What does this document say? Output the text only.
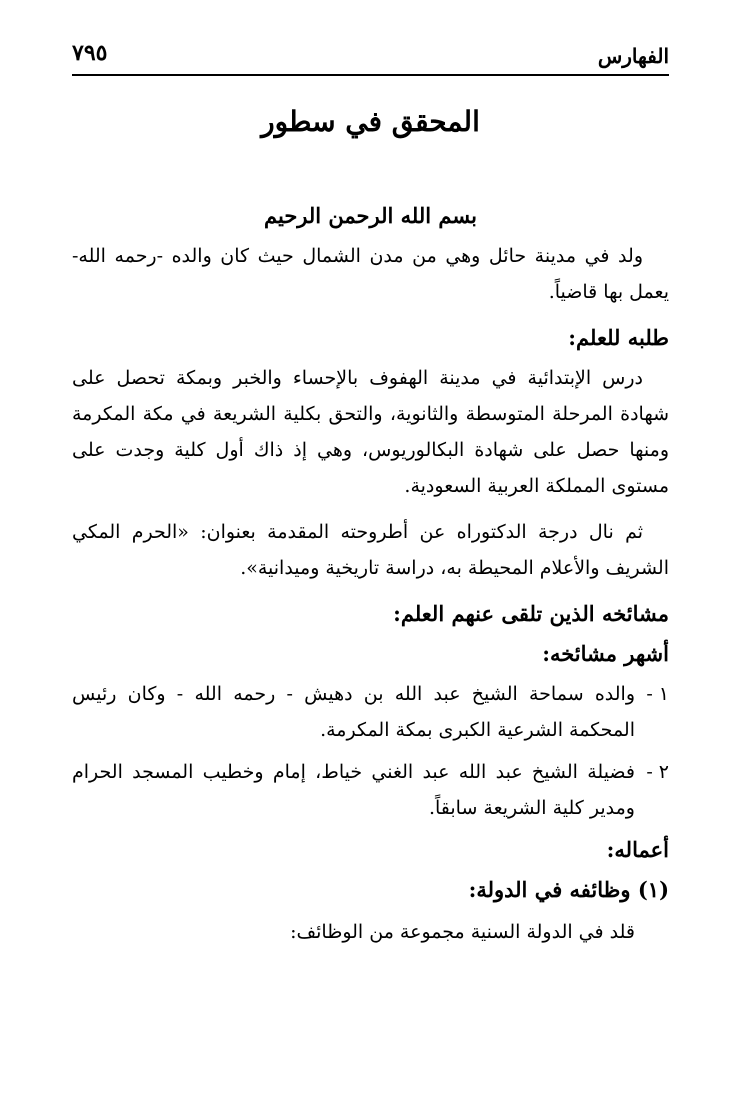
الفهارس
٧٩٥
المحقق في سطور
بسم الله الرحمن الرحيم

ولد في مدينة حائل وهي من مدن الشمال حيث كان والده -رحمه الله- يعمل بها قاضياً.

طلبه للعلم:

درس الإبتدائية في مدينة الهفوف بالإحساء والخبر وبمكة تحصل على شهادة المرحلة المتوسطة والثانوية، والتحق بكلية الشريعة في مكة المكرمة ومنها حصل على شهادة البكالوريوس، وهي إذ ذاك أول كلية وجدت على مستوى المملكة العربية السعودية.

ثم نال درجة الدكتوراه عن أطروحته المقدمة بعنوان: «الحرم المكي الشريف والأعلام المحيطة به، دراسة تاريخية وميدانية».

مشائخه الذين تلقى عنهم العلم:
أشهر مشائخه:
١ -
والده سماحة الشيخ عبد الله بن دهيش - رحمه الله - وكان رئيس المحكمة الشرعية الكبرى بمكة المكرمة.
٢ -
فضيلة الشيخ عبد الله عبد الغني خياط، إمام وخطيب المسجد الحرام ومدير كلية الشريعة سابقاً.
أعماله:
(١) وظائفه في الدولة:

قلد في الدولة السنية مجموعة من الوظائف:
